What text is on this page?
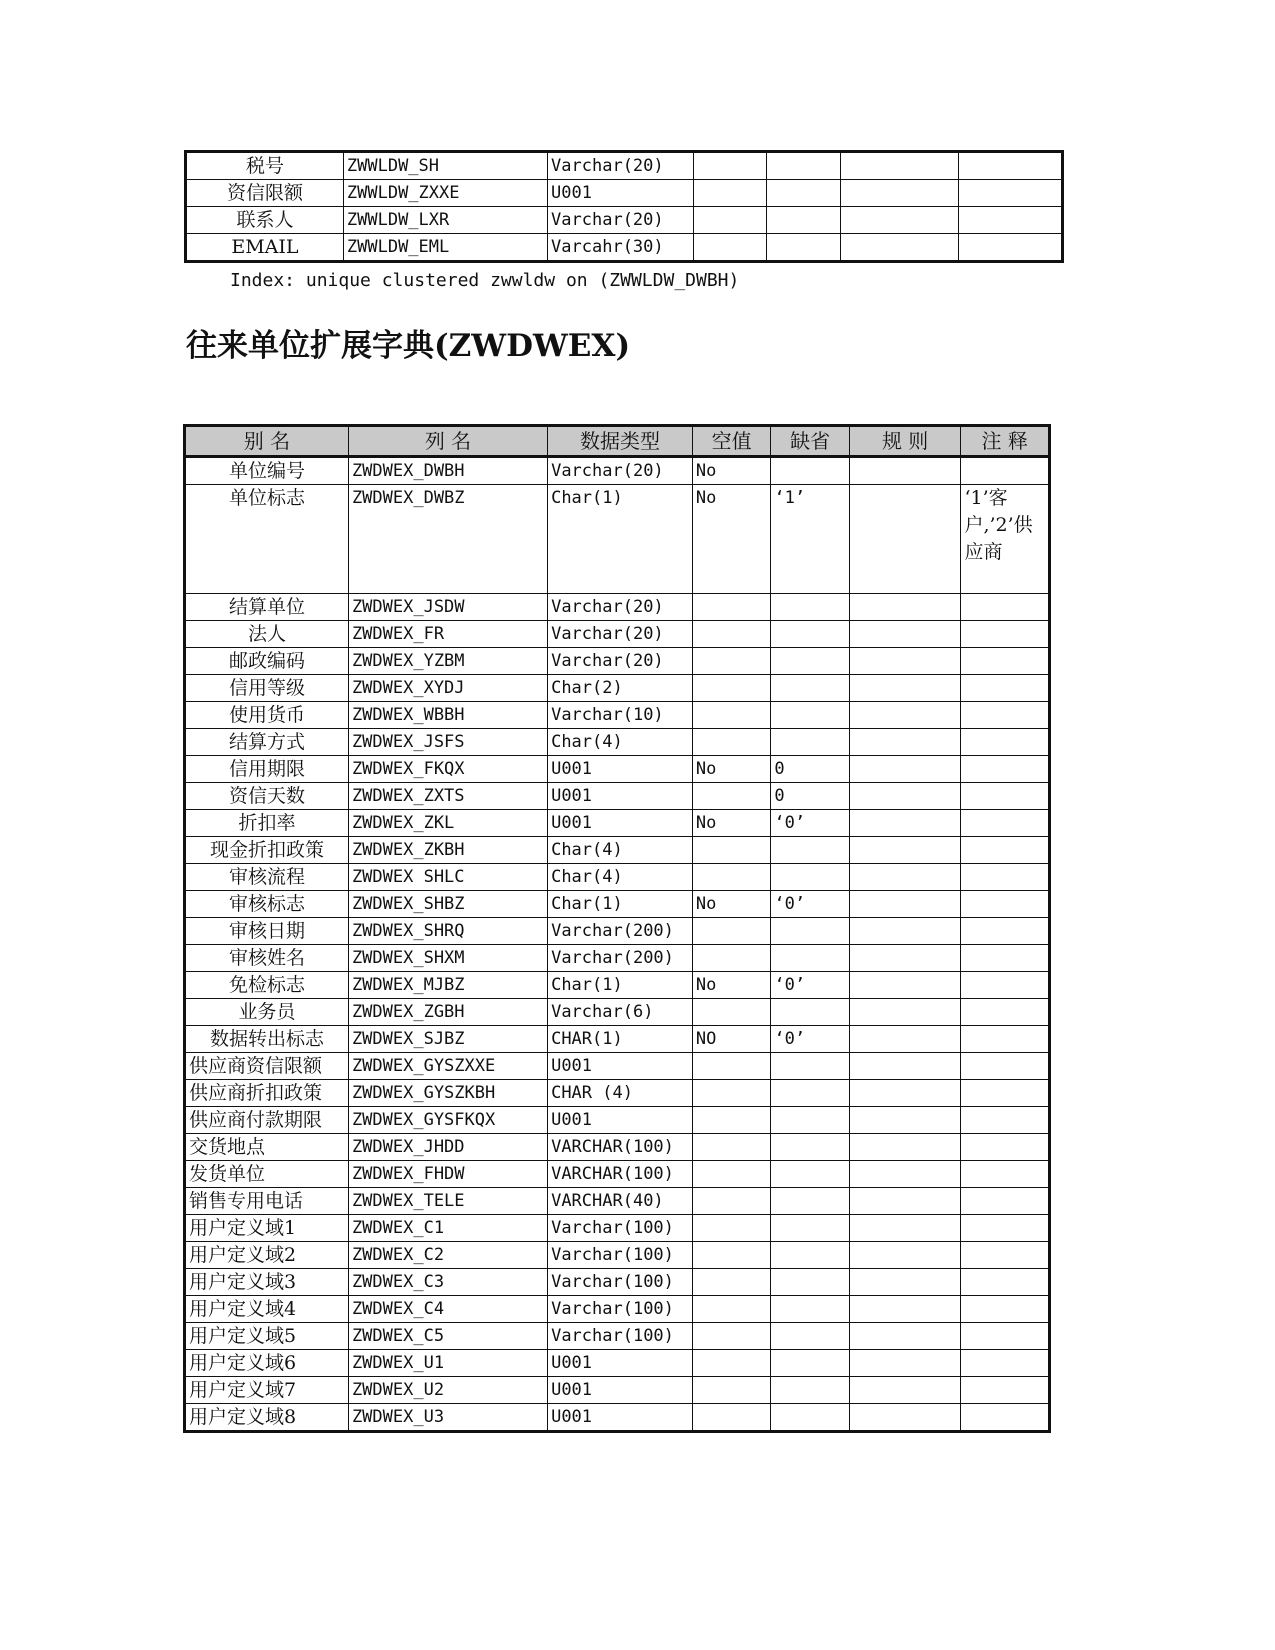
税号	ZWWLDW_SH	Varchar(20)				
资信限额	ZWWLDW_ZXXE	U001				
联系人	ZWWLDW_LXR	Varchar(20)				
EMAIL	ZWWLDW_EML	Varcahr(30)				
Index: unique clustered zwwldw on (ZWWLDW_DWBH)
往来单位扩展字典(ZWDWEX)
别 名	列 名	数据类型	空值	缺省	规 则	注 释
单位编号	ZWDWEX_DWBH	Varchar(20)	No			
单位标志	ZWDWEX_DWBZ	Char(1)	No	‘1’		‘1’客户,’2’供应商
结算单位	ZWDWEX_JSDW	Varchar(20)				
法人	ZWDWEX_FR	Varchar(20)				
邮政编码	ZWDWEX_YZBM	Varchar(20)				
信用等级	ZWDWEX_XYDJ	Char(2)				
使用货币	ZWDWEX_WBBH	Varchar(10)				
结算方式	ZWDWEX_JSFS	Char(4)				
信用期限	ZWDWEX_FKQX	U001	No	0		
资信天数	ZWDWEX_ZXTS	U001		0		
折扣率	ZWDWEX_ZKL	U001	No	‘0’		
现金折扣政策	ZWDWEX_ZKBH	Char(4)				
审核流程	ZWDWEX SHLC	Char(4)				
审核标志	ZWDWEX_SHBZ	Char(1)	No	‘0’		
审核日期	ZWDWEX_SHRQ	Varchar(200)				
审核姓名	ZWDWEX_SHXM	Varchar(200)				
免检标志	ZWDWEX_MJBZ	Char(1)	No	‘0’		
业务员	ZWDWEX_ZGBH	Varchar(6)				
数据转出标志	ZWDWEX_SJBZ	CHAR(1)	NO	‘0’		
供应商资信限额	ZWDWEX_GYSZXXE	U001				
供应商折扣政策	ZWDWEX_GYSZKBH	CHAR (4)				
供应商付款期限	ZWDWEX_GYSFKQX	U001				
交货地点	ZWDWEX_JHDD	VARCHAR(100)				
发货单位	ZWDWEX_FHDW	VARCHAR(100)				
销售专用电话	ZWDWEX_TELE	VARCHAR(40)				
用户定义域1	ZWDWEX_C1	Varchar(100)				
用户定义域2	ZWDWEX_C2	Varchar(100)				
用户定义域3	ZWDWEX_C3	Varchar(100)				
用户定义域4	ZWDWEX_C4	Varchar(100)				
用户定义域5	ZWDWEX_C5	Varchar(100)				
用户定义域6	ZWDWEX_U1	U001				
用户定义域7	ZWDWEX_U2	U001				
用户定义域8	ZWDWEX_U3	U001				
